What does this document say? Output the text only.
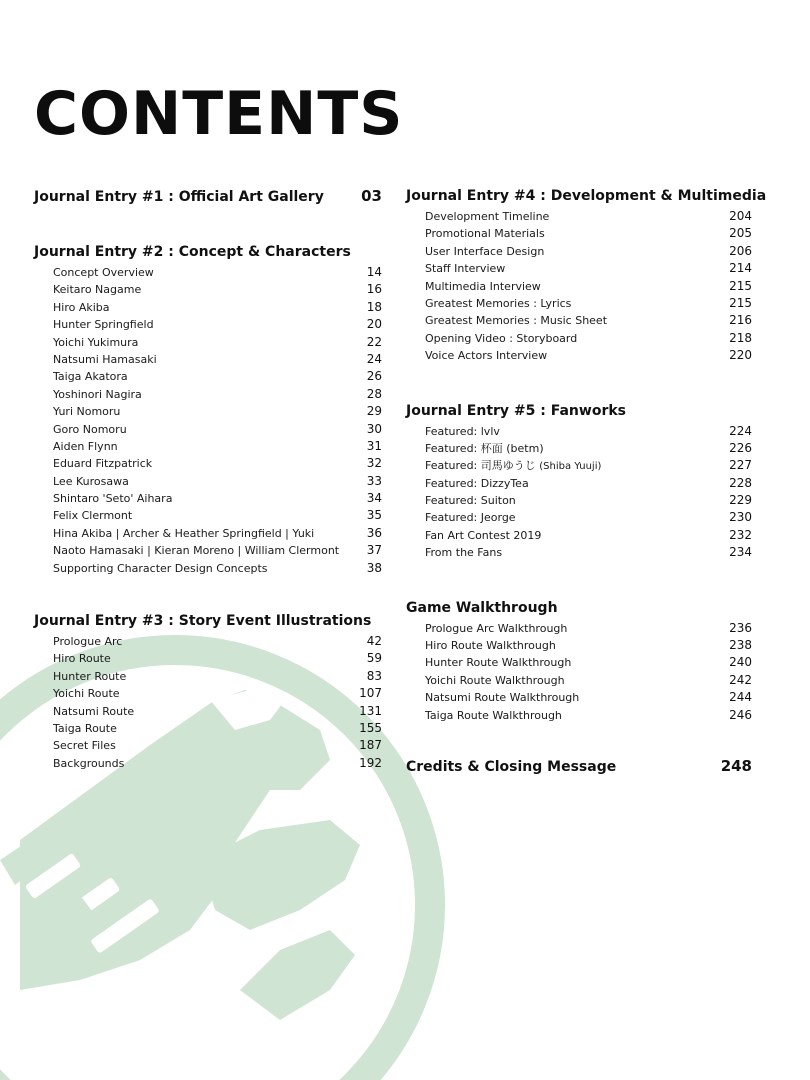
CONTENTS
Journal Entry #1 : Official Art Gallery 03
Journal Entry #2 : Concept & Characters
Concept Overview	14
Keitaro Nagame	16
Hiro Akiba	18
Hunter Springfield	20
Yoichi Yukimura	22
Natsumi Hamasaki	24
Taiga Akatora	26
Yoshinori Nagira	28
Yuri Nomoru	29
Goro Nomoru	30
Aiden Flynn	31
Eduard Fitzpatrick	32
Lee Kurosawa	33
Shintaro 'Seto' Aihara	34
Felix Clermont	35
Hina Akiba | Archer & Heather Springfield | Yuki	36
Naoto Hamasaki | Kieran Moreno | William Clermont 37
Supporting Character Design Concepts	38
Journal Entry #3 : Story Event Illustrations
Prologue Arc	42
Hiro Route	59
Hunter Route	83
Yoichi Route	107
Natsumi Route	131
Taiga Route	155
Secret Files	187
Backgrounds	192
Journal Entry #4 : Development & Multimedia
Development Timeline	204
Promotional Materials	205
User Interface Design	206
Staff Interview	214
Multimedia Interview	215
Greatest Memories : Lyrics	215
Greatest Memories : Music Sheet	216
Opening Video : Storyboard	218
Voice Actors Interview	220
Journal Entry #5 : Fanworks
Featured: lvlv	224
Featured: 杯面 (betm)	226
Featured: 司馬ゆうじ (Shiba Yuuji)	227
Featured: DizzyTea	228
Featured: Suiton	229
Featured: Jeorge	230
Fan Art Contest 2019	232
From the Fans	234
Game Walkthrough
Prologue Arc Walkthrough	236
Hiro Route Walkthrough	238
Hunter Route Walkthrough	240
Yoichi Route Walkthrough	242
Natsumi Route Walkthrough	244
Taiga Route Walkthrough	246
Credits & Closing Message	248
